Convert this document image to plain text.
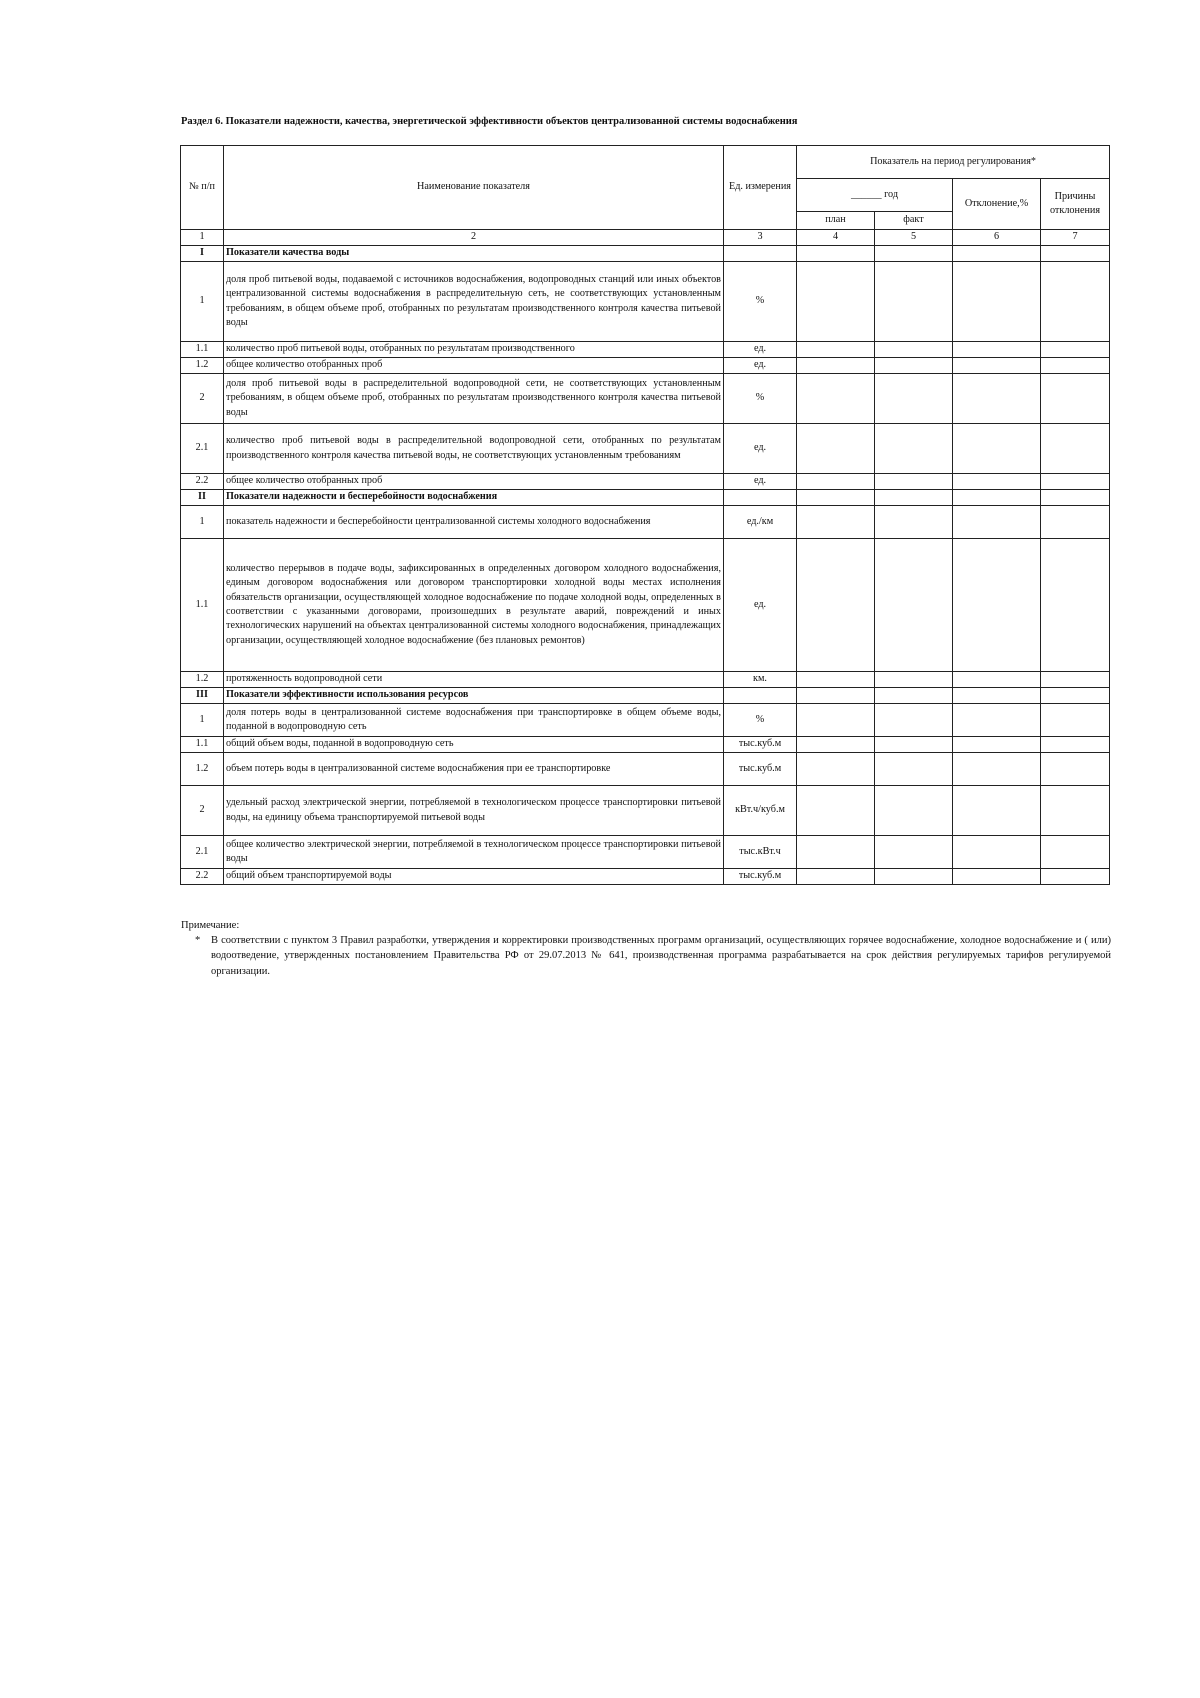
Раздел 6. Показатели надежности, качества, энергетической эффективности объектов централизованной системы водоснабжения
№ п/п	Наименование показателя	Ед. измерения	Показатель на период регулирования*			
			______ год		Отклонение,%	Причины отклонения
			план	факт		
1	2	3	4	5	6	7
I	Показатели качества воды					
1	доля проб питьевой воды, подаваемой с источников водоснабжения, водопроводных станций или иных объектов централизованной системы водоснабжения в распределительную сеть, не соответствующих установленным требованиям, в общем объеме проб, отобранных по результатам производственного контроля качества питьевой воды	%				
1.1	количество проб питьевой воды, отобранных по результатам производственного	ед.				
1.2	общее количество отобранных проб	ед.				
2	доля проб питьевой воды в распределительной водопроводной сети, не соответствующих установленным требованиям, в общем объеме проб, отобранных по результатам производственного контроля качества питьевой воды	%				
2.1	количество проб питьевой воды в распределительной водопроводной сети, отобранных по результатам производственного контроля качества питьевой воды, не соответствующих установленным требованиям	ед.				
2.2	общее количество отобранных проб	ед.				
II	Показатели надежности и бесперебойности водоснабжения					
1	показатель надежности и бесперебойности централизованной системы холодного водоснабжения	ед./км				
1.1	количество перерывов в подаче воды, зафиксированных в определенных договором холодного водоснабжения, единым договором водоснабжения или договором транспортировки холодной воды местах исполнения обязательств организации, осуществляющей холодное водоснабжение по подаче холодной воды, определенных в соответствии с указанными договорами, произошедших в результате аварий, повреждений и иных технологических нарушений на объектах централизованной системы холодного водоснабжения, принадлежащих организации, осуществляющей холодное водоснабжение (без плановых ремонтов)	ед.				
1.2	протяженность водопроводной сети	км.				
III	Показатели эффективности использования ресурсов					
1	доля потерь воды в централизованной системе водоснабжения при транспортировке в общем объеме воды, поданной в водопроводную сеть	%				
1.1	общий объем воды, поданной в водопроводную сеть	тыс.куб.м				
1.2	объем потерь воды в централизованной системе водоснабжения при ее транспортировке	тыс.куб.м				
2	удельный расход электрической энергии, потребляемой в технологическом процессе транспортировки питьевой воды, на единицу объема транспортируемой питьевой воды	кВт.ч/куб.м				
2.1	общее количество электрической энергии, потребляемой в технологическом процессе транспортировки питьевой воды	тыс.кВт.ч				
2.2	общий объем транспортируемой воды	тыс.куб.м				
Примечание:
* В соответствии с пунктом 3 Правил разработки, утверждения и корректировки производственных программ организаций, осуществляющих горячее водоснабжение, холодное водоснабжение и ( или) водоотведение, утвержденных постановлением Правительства РФ от 29.07.2013 № 641, производственная программа разрабатывается на срок действия регулируемых тарифов регулируемой организации.
